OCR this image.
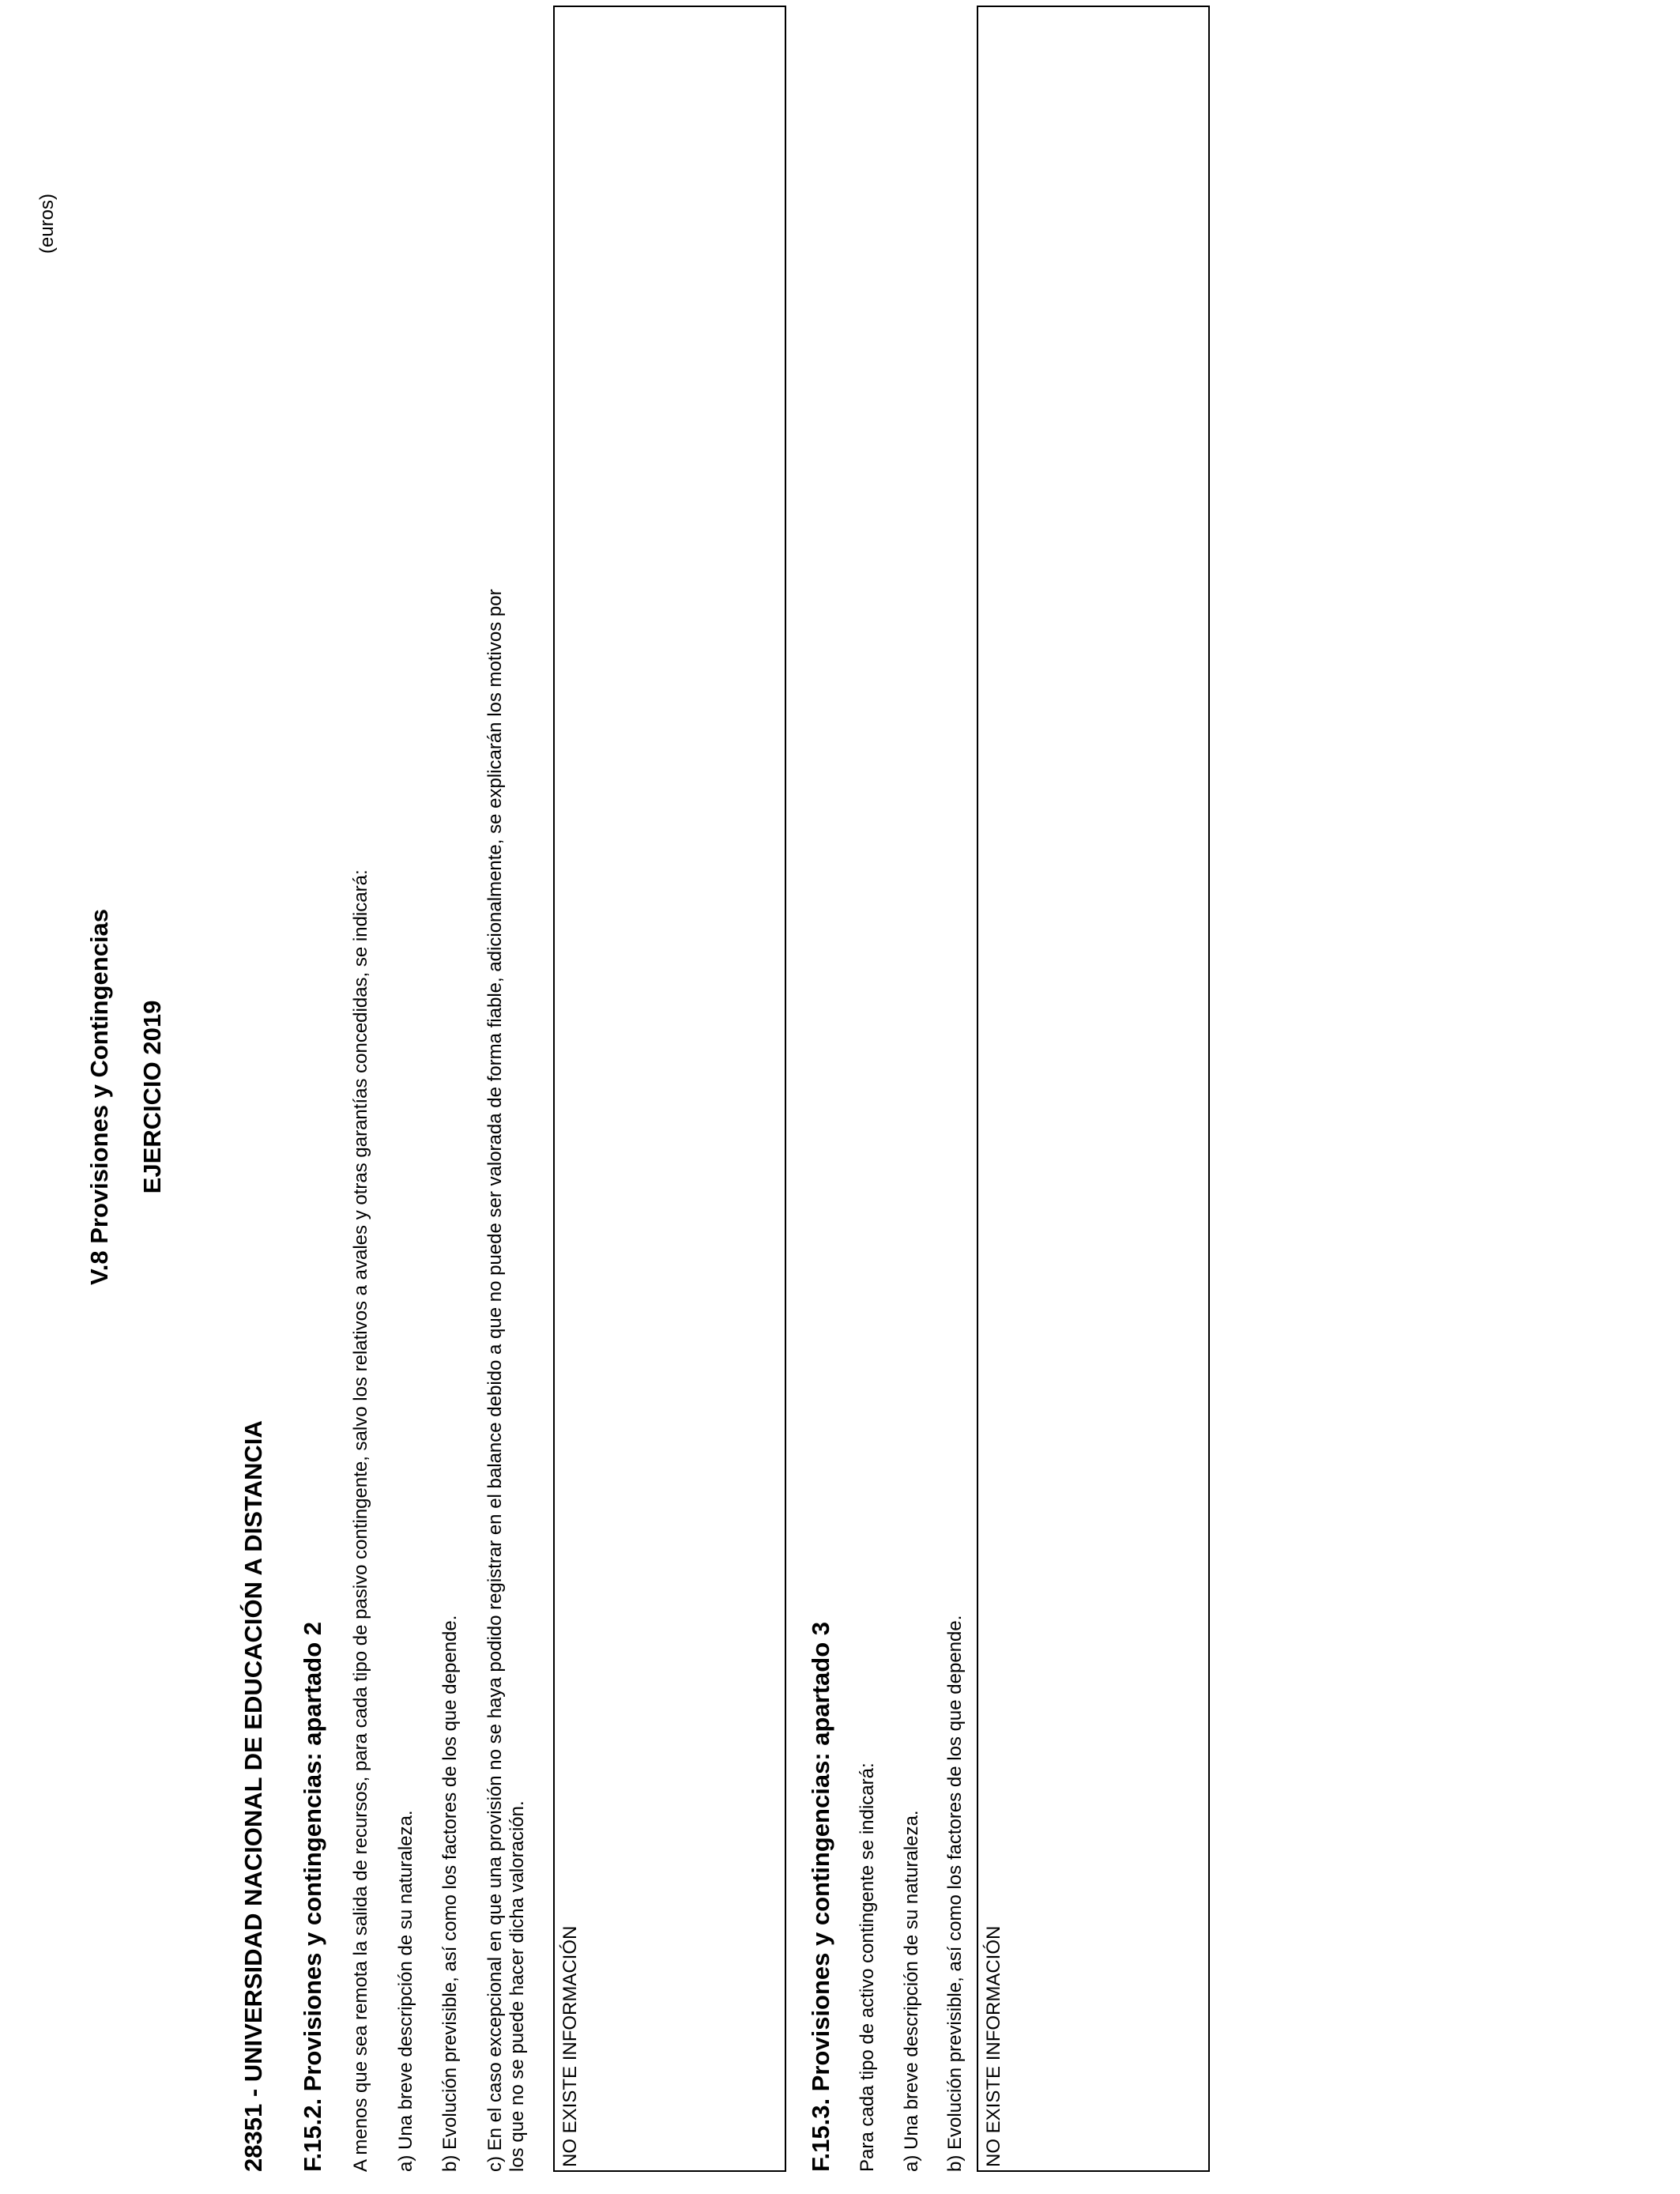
V.8 Provisiones y Contingencias EJERCICIO 2019
(euros)
28351 - UNIVERSIDAD NACIONAL DE EDUCACIÓN A DISTANCIA F.15.2. Provisiones y contingencias: apartado 2 A menos que sea remota la salida de recursos, para cada tipo de pasivo contingente, salvo los relativos a avales y otras garantías concedidas, se indicará: a) Una breve descripción de su naturaleza. b) Evolución previsible, así como los factores de los que depende. c) En el caso excepcional en que una provisión no se haya podido registrar en el balance debido a que no puede ser valorada de forma fiable, adicionalmente, se explicarán los motivos por los que no se puede hacer dicha valoración. NO EXISTE INFORMACIÓN	F.15.3. Provisiones y contingencias: apartado 3 Para cada tipo de activo contingente se indicará: a) Una breve descripción de su naturaleza. b) Evolución previsible, así como los factores de los que depende. NO EXISTE INFORMACIÓN
